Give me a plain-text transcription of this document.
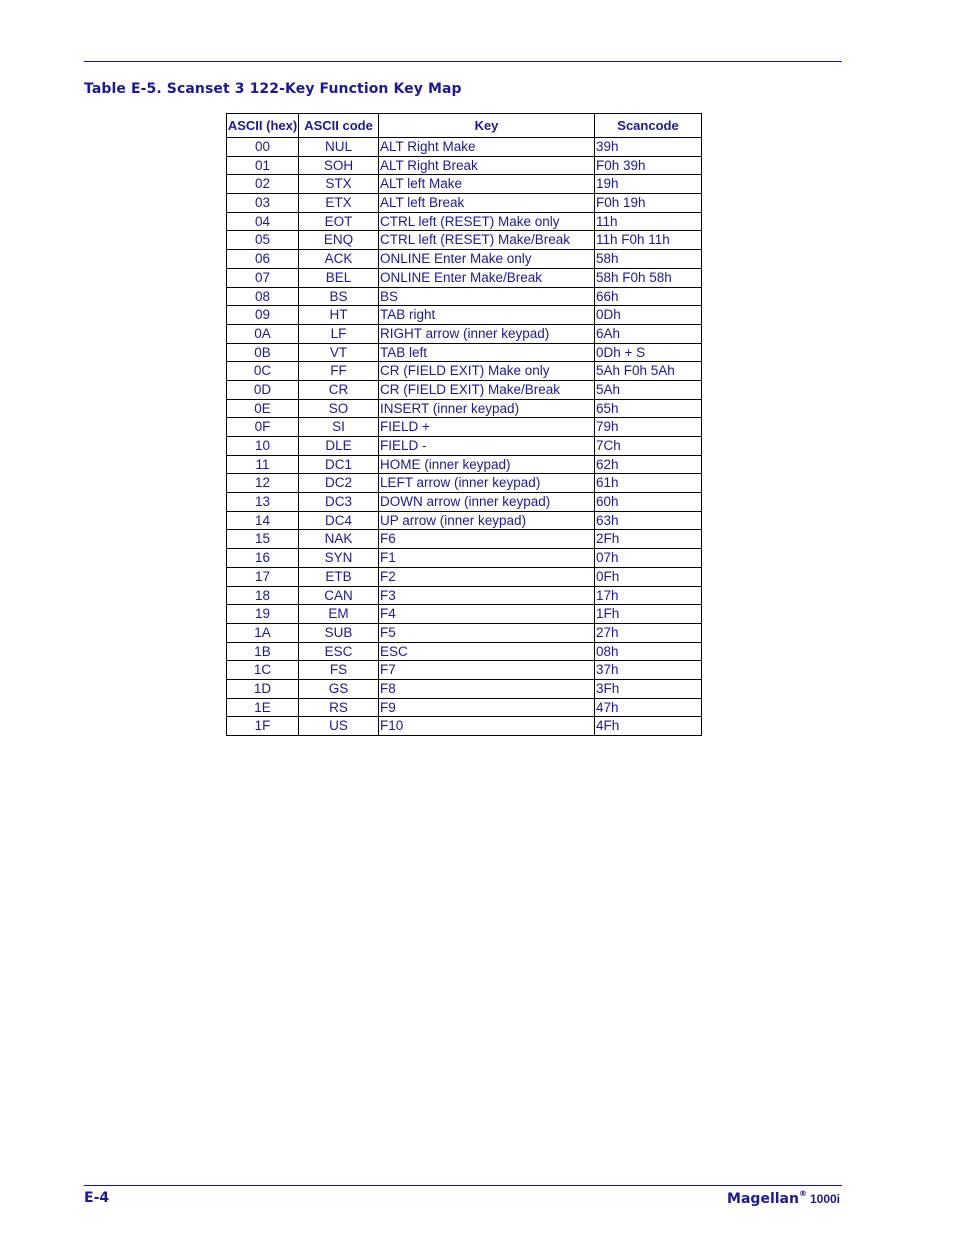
Table E-5. Scanset 3 122-Key Function Key Map
ASCII (hex)	ASCII code	Key	Scancode
00	NUL	ALT Right Make	39h
01	SOH	ALT Right Break	F0h 39h
02	STX	ALT left Make	19h
03	ETX	ALT left Break	F0h 19h
04	EOT	CTRL left (RESET) Make only	11h
05	ENQ	CTRL left (RESET) Make/Break	11h F0h 11h
06	ACK	ONLINE Enter Make only	58h
07	BEL	ONLINE Enter Make/Break	58h F0h 58h
08	BS	BS	66h
09	HT	TAB right	0Dh
0A	LF	RIGHT arrow (inner keypad)	6Ah
0B	VT	TAB left	0Dh + S
0C	FF	CR (FIELD EXIT) Make only	5Ah F0h 5Ah
0D	CR	CR (FIELD EXIT) Make/Break	5Ah
0E	SO	INSERT (inner keypad)	65h
0F	SI	FIELD +	79h
10	DLE	FIELD -	7Ch
11	DC1	HOME (inner keypad)	62h
12	DC2	LEFT arrow (inner keypad)	61h
13	DC3	DOWN arrow (inner keypad)	60h
14	DC4	UP arrow (inner keypad)	63h
15	NAK	F6	2Fh
16	SYN	F1	07h
17	ETB	F2	0Fh
18	CAN	F3	17h
19	EM	F4	1Fh
1A	SUB	F5	27h
1B	ESC	ESC	08h
1C	FS	F7	37h
1D	GS	F8	3Fh
1E	RS	F9	47h
1F	US	F10	4Fh
E-4	Magellan® 1000i
